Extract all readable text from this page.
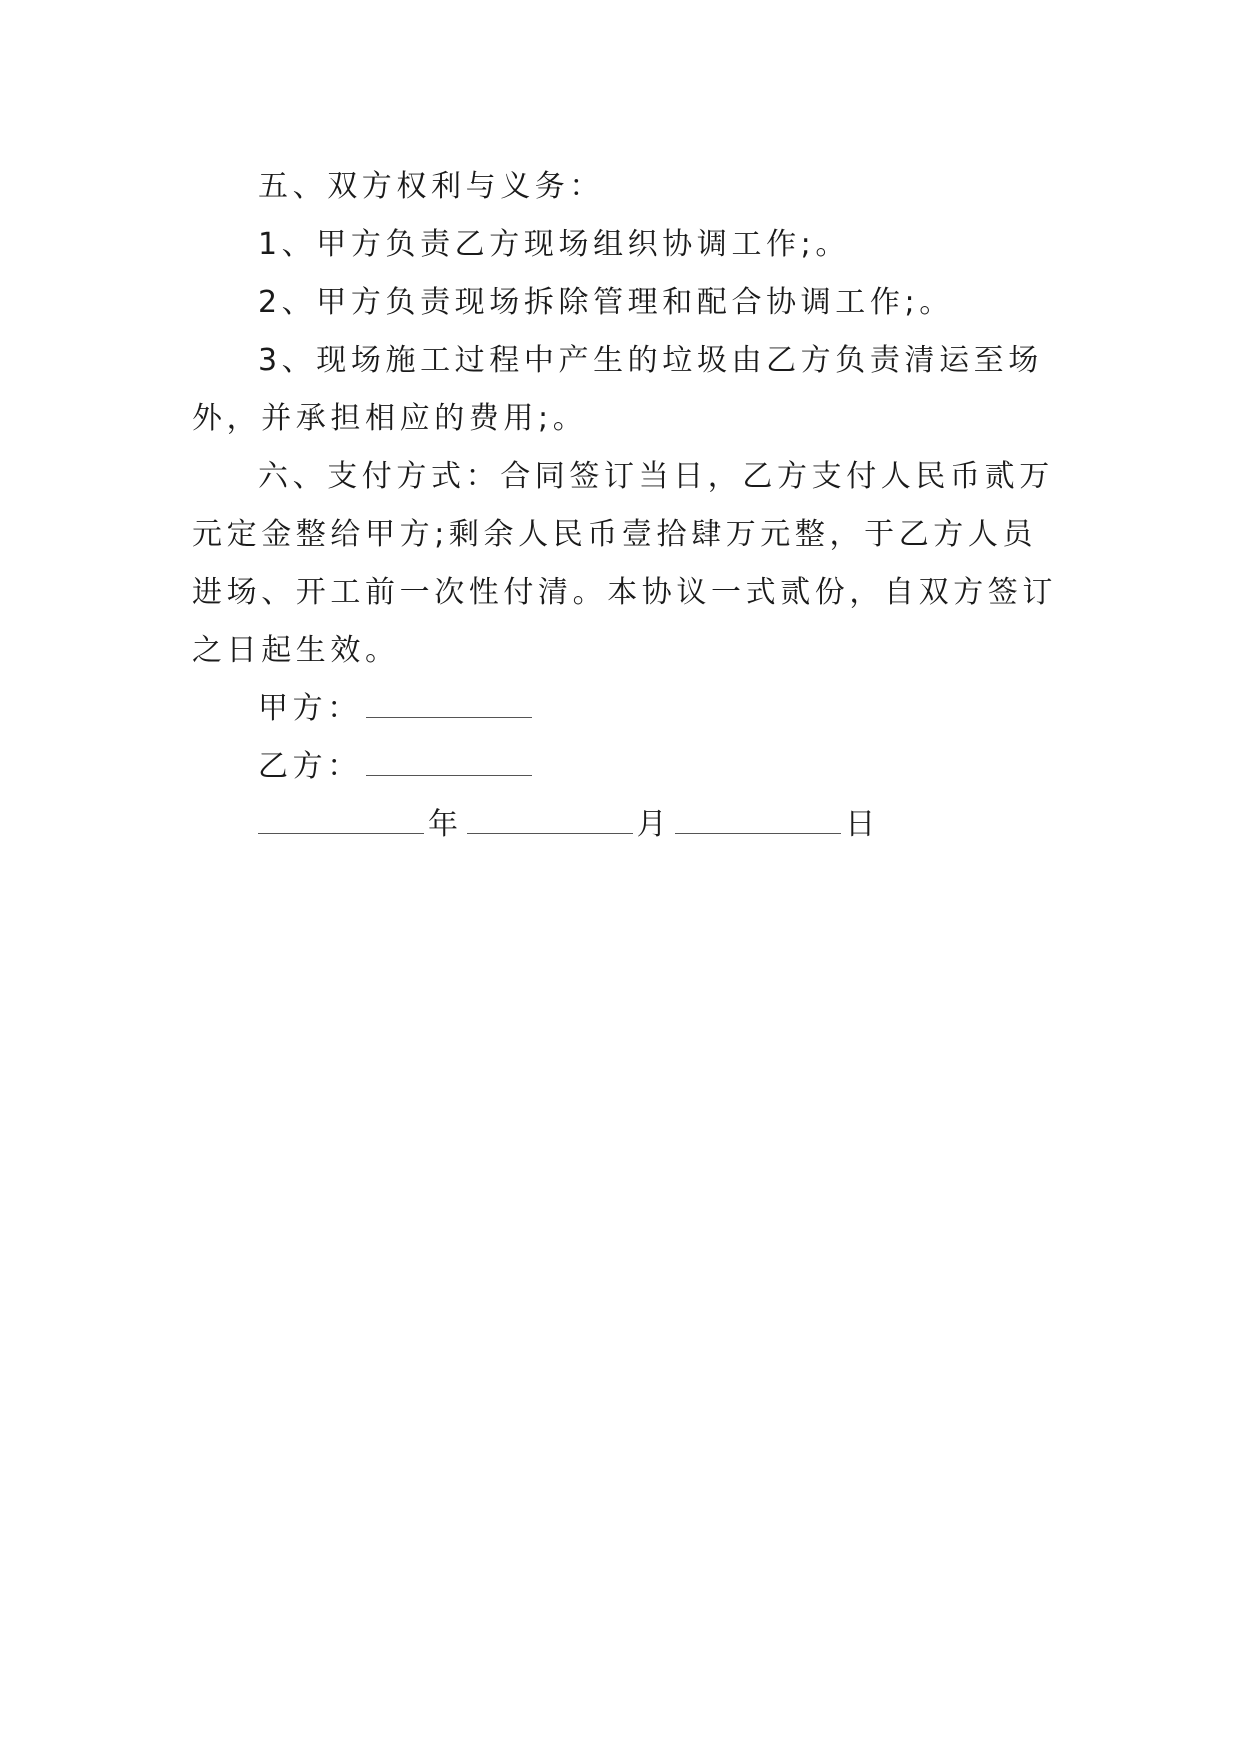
五、双方权利与义务：

1、甲方负责乙方现场组织协调工作;。

2、甲方负责现场拆除管理和配合协调工作;。

3、现场施工过程中产生的垃圾由乙方负责清运至场外，并承担相应的费用;。

六、支付方式：合同签订当日，乙方支付人民币贰万元定金整给甲方;剩余人民币壹拾肆万元整，于乙方人员进场、开工前一次性付清。本协议一式贰份，自双方签订之日起生效。

甲方：

乙方：

年	月	日
